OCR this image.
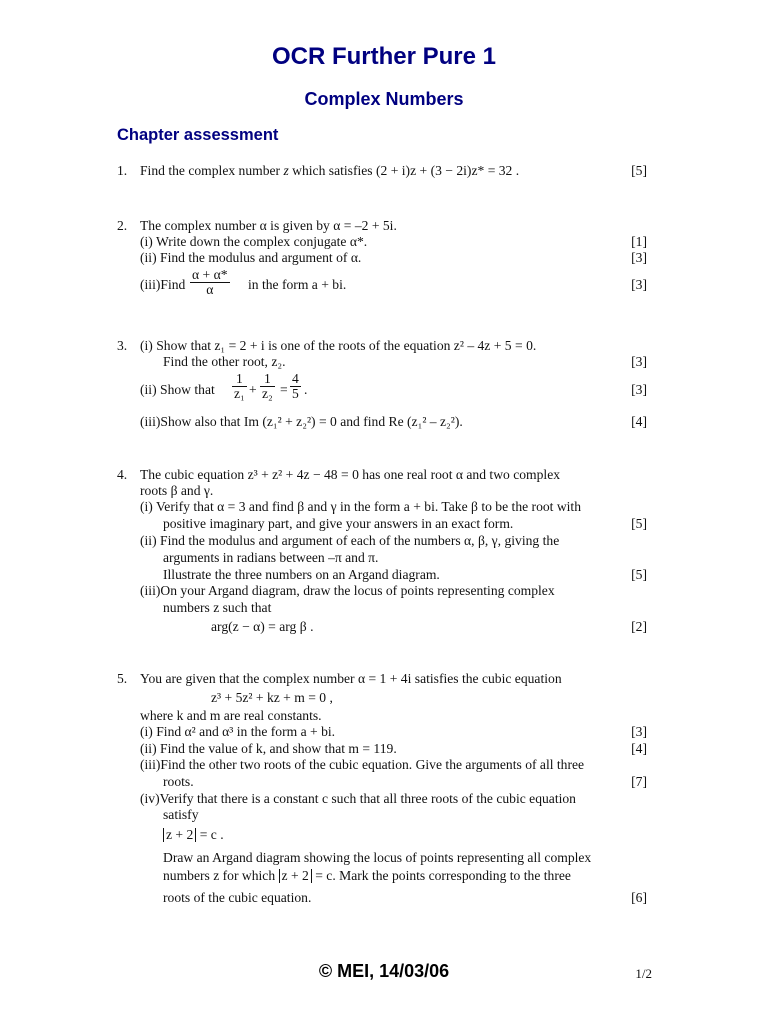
OCR Further Pure 1
Complex Numbers
Chapter assessment
1. Find the complex number z which satisfies (2 + i)z + (3 − 2i)z* = 32 .	[5]
2. The complex number α is given by α = –2 + 5i.
(i) Write down the complex conjugate α*.	[1]
(ii) Find the modulus and argument of α.	[3]
(iii)Find $\frac{\alpha + \alpha*}{\alpha}$ in the form a + bi.	[3]
3. (i) Show that z₁ = 2 + i is one of the roots of the equation z² – 4z + 5 = 0.
Find the other root, z₂.	[3]
(ii) Show that $\frac{1}{\text{z₁}} + \frac{1}{\text{z₂}} = \frac{4}{5}$ .	[3]
(iii)Show also that Im (z₁² + z₂²) = 0 and find Re (z₁² – z₂²).	[4]
4. The cubic equation z³ + z² + 4z − 48 = 0 has one real root α and two complex
roots β and γ.
(i) Verify that α = 3 and find β and γ in the form a + bi. Take β to be the root with
positive imaginary part, and give your answers in an exact form.	[5]
(ii) Find the modulus and argument of each of the numbers α, β, γ, giving the
arguments in radians between –π and π.
Illustrate the three numbers on an Argand diagram.	[5]
(iii)On your Argand diagram, draw the locus of points representing complex
numbers z such that
arg(z − α) = arg β .	[2]
5. You are given that the complex number α = 1 + 4i satisfies the cubic equation
z³ + 5z² + kz + m = 0 ,
where k and m are real constants.
(i) Find α² and α³ in the form a + bi.	[3]
(ii) Find the value of k, and show that m = 119.	[4]
(iii)Find the other two roots of the cubic equation. Give the arguments of all three
roots.	[7]
(iv)Verify that there is a constant c such that all three roots of the cubic equation
satisfy
z + 2 = c .
Draw an Argand diagram showing the locus of points representing all complex
numbers z for which z + 2 = c. Mark the points corresponding to the three
roots of the cubic equation.	[6]
© MEI, 14/03/06	1/2
